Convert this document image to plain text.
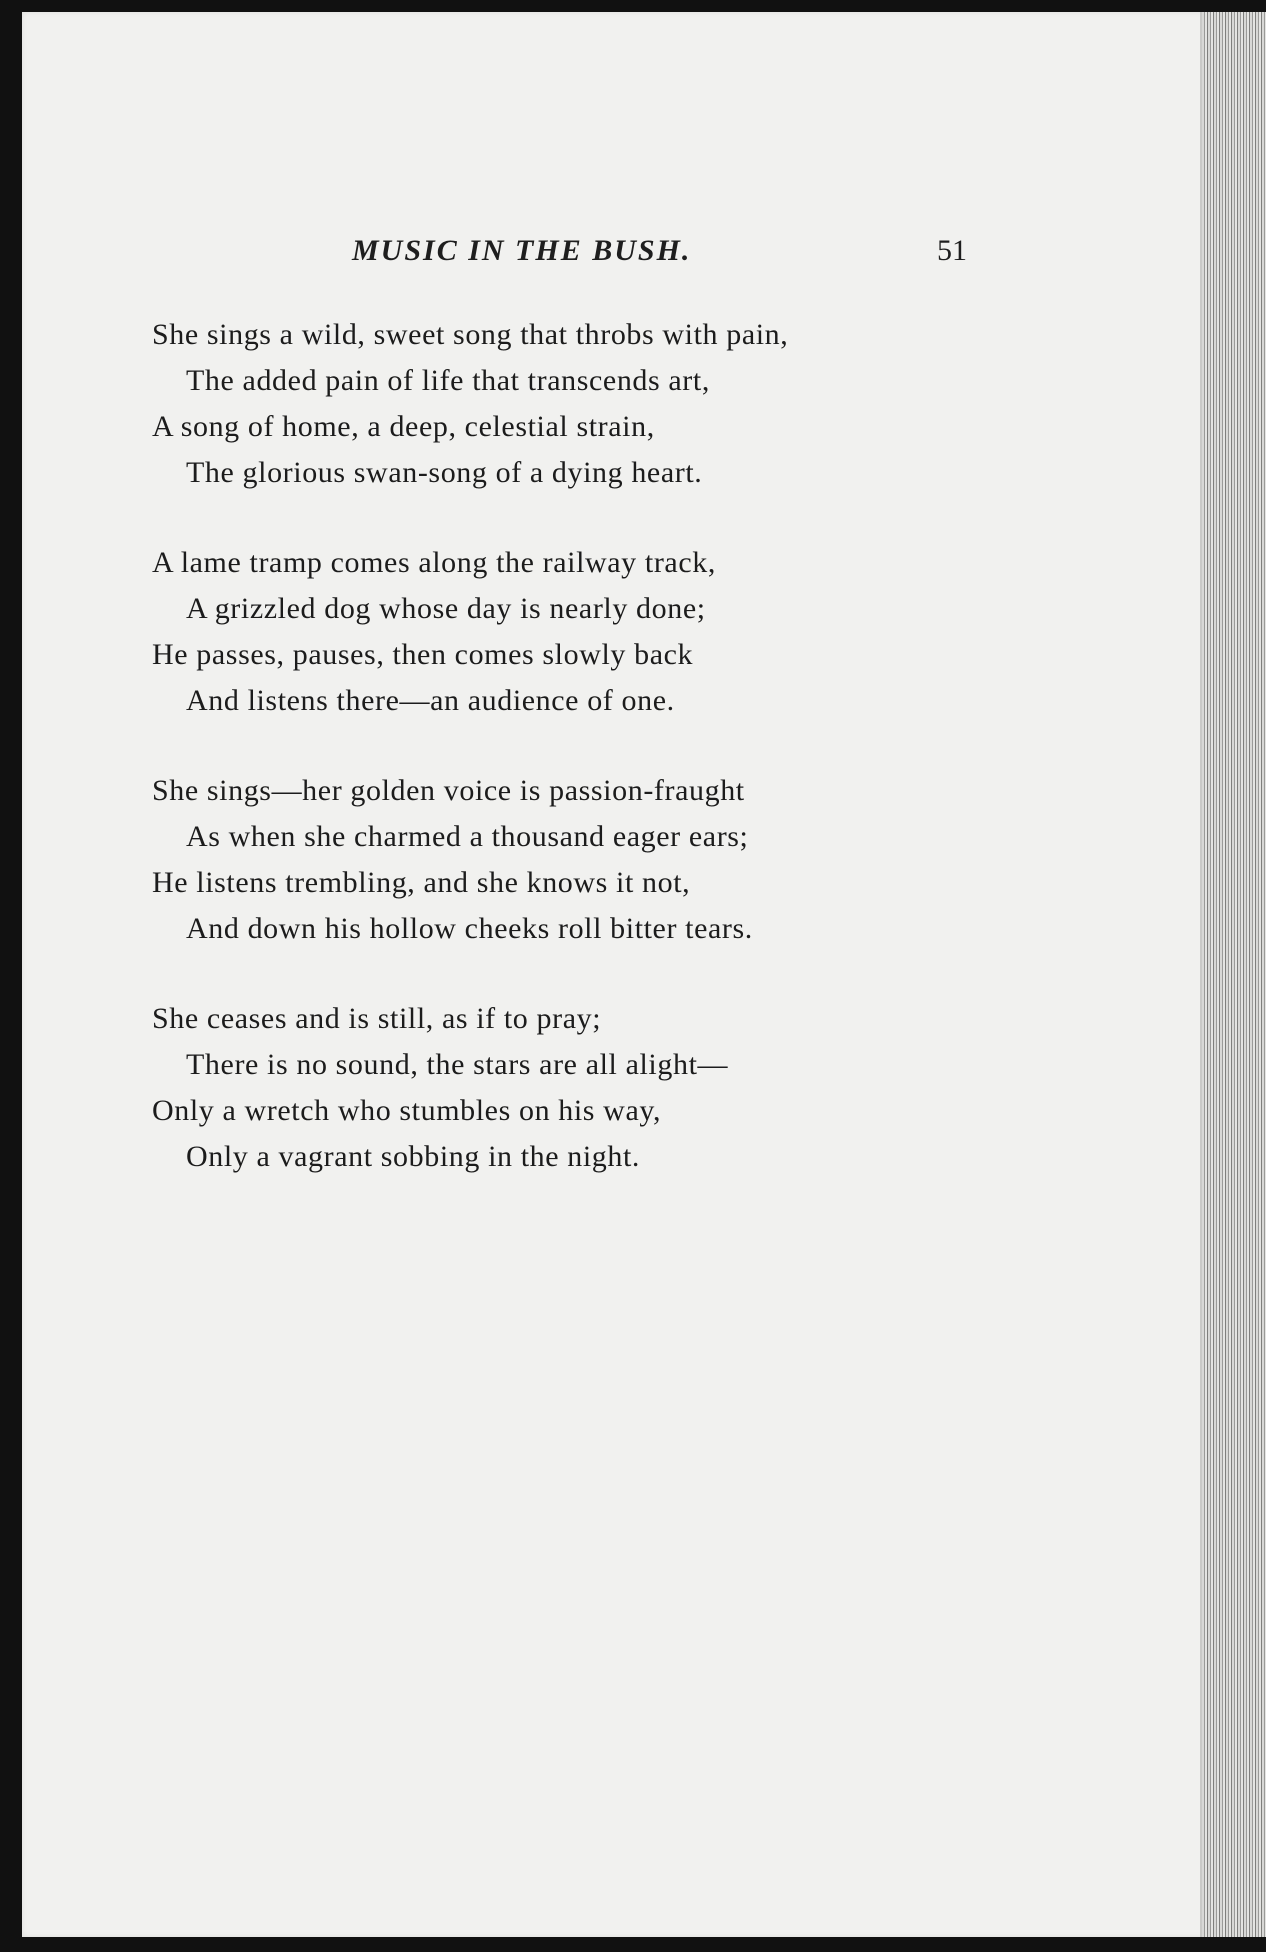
MUSIC IN THE BUSH.	51
She sings a wild, sweet song that throbs with pain,
The added pain of life that transcends art,
A song of home, a deep, celestial strain,
The glorious swan-song of a dying heart.
A lame tramp comes along the railway track,
A grizzled dog whose day is nearly done;
He passes, pauses, then comes slowly back
And listens there—an audience of one.
She sings—her golden voice is passion-fraught
As when she charmed a thousand eager ears;
He listens trembling, and she knows it not,
And down his hollow cheeks roll bitter tears.
She ceases and is still, as if to pray;
There is no sound, the stars are all alight—
Only a wretch who stumbles on his way,
Only a vagrant sobbing in the night.
